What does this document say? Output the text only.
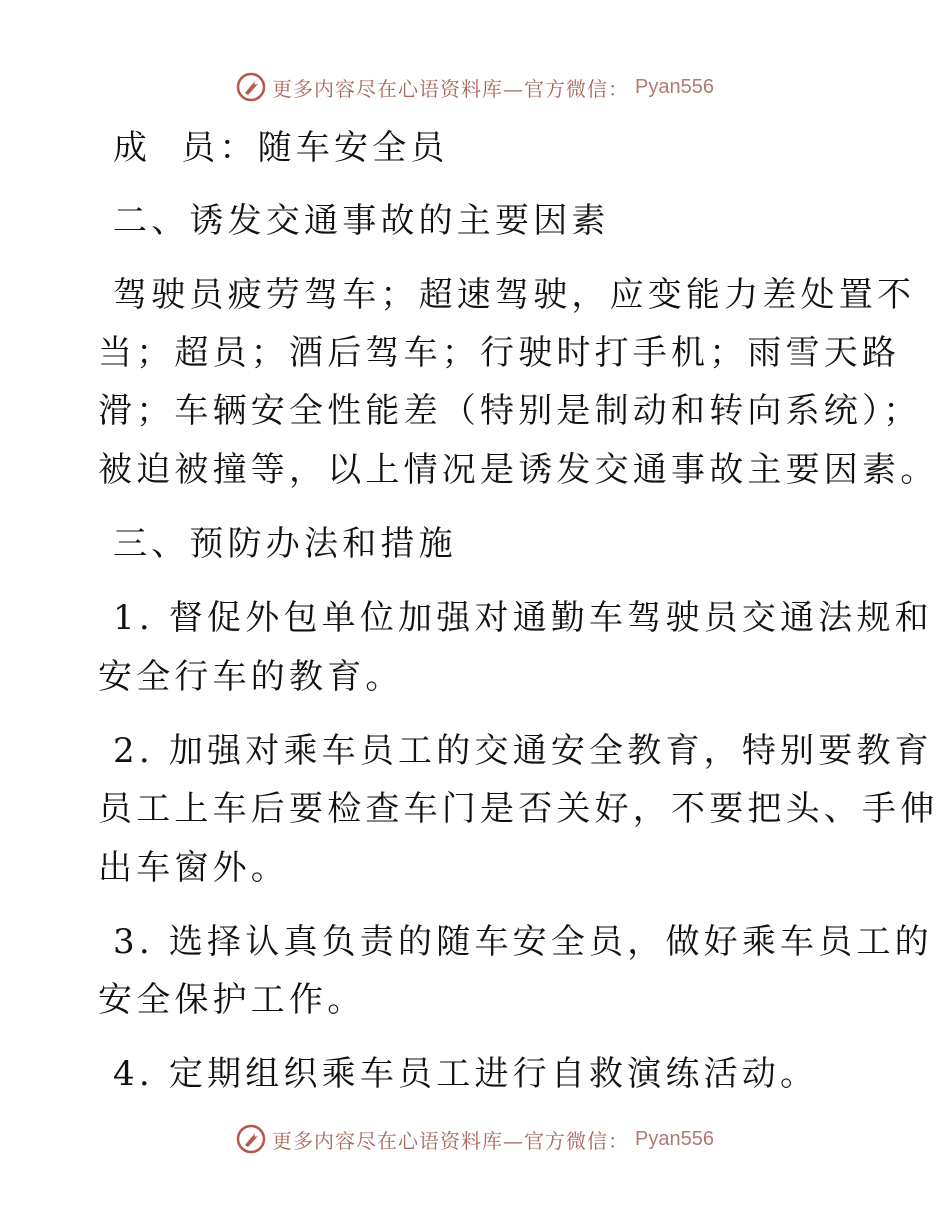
更多内容尽在心语资料库—官方微信： Pyan556
成  员：随车安全员
二、诱发交通事故的主要因素
驾驶员疲劳驾车；超速驾驶，应变能力差处置不
当；超员；酒后驾车；行驶时打手机；雨雪天路
滑；车辆安全性能差（特别是制动和转向系统）；
被迫被撞等，以上情况是诱发交通事故主要因素。
三、预防办法和措施
1. 督促外包单位加强对通勤车驾驶员交通法规和
安全行车的教育。
2. 加强对乘车员工的交通安全教育，特别要教育
员工上车后要检查车门是否关好，不要把头、手伸
出车窗外。
3. 选择认真负责的随车安全员，做好乘车员工的
安全保护工作。
4. 定期组织乘车员工进行自救演练活动。
更多内容尽在心语资料库—官方微信： Pyan556
